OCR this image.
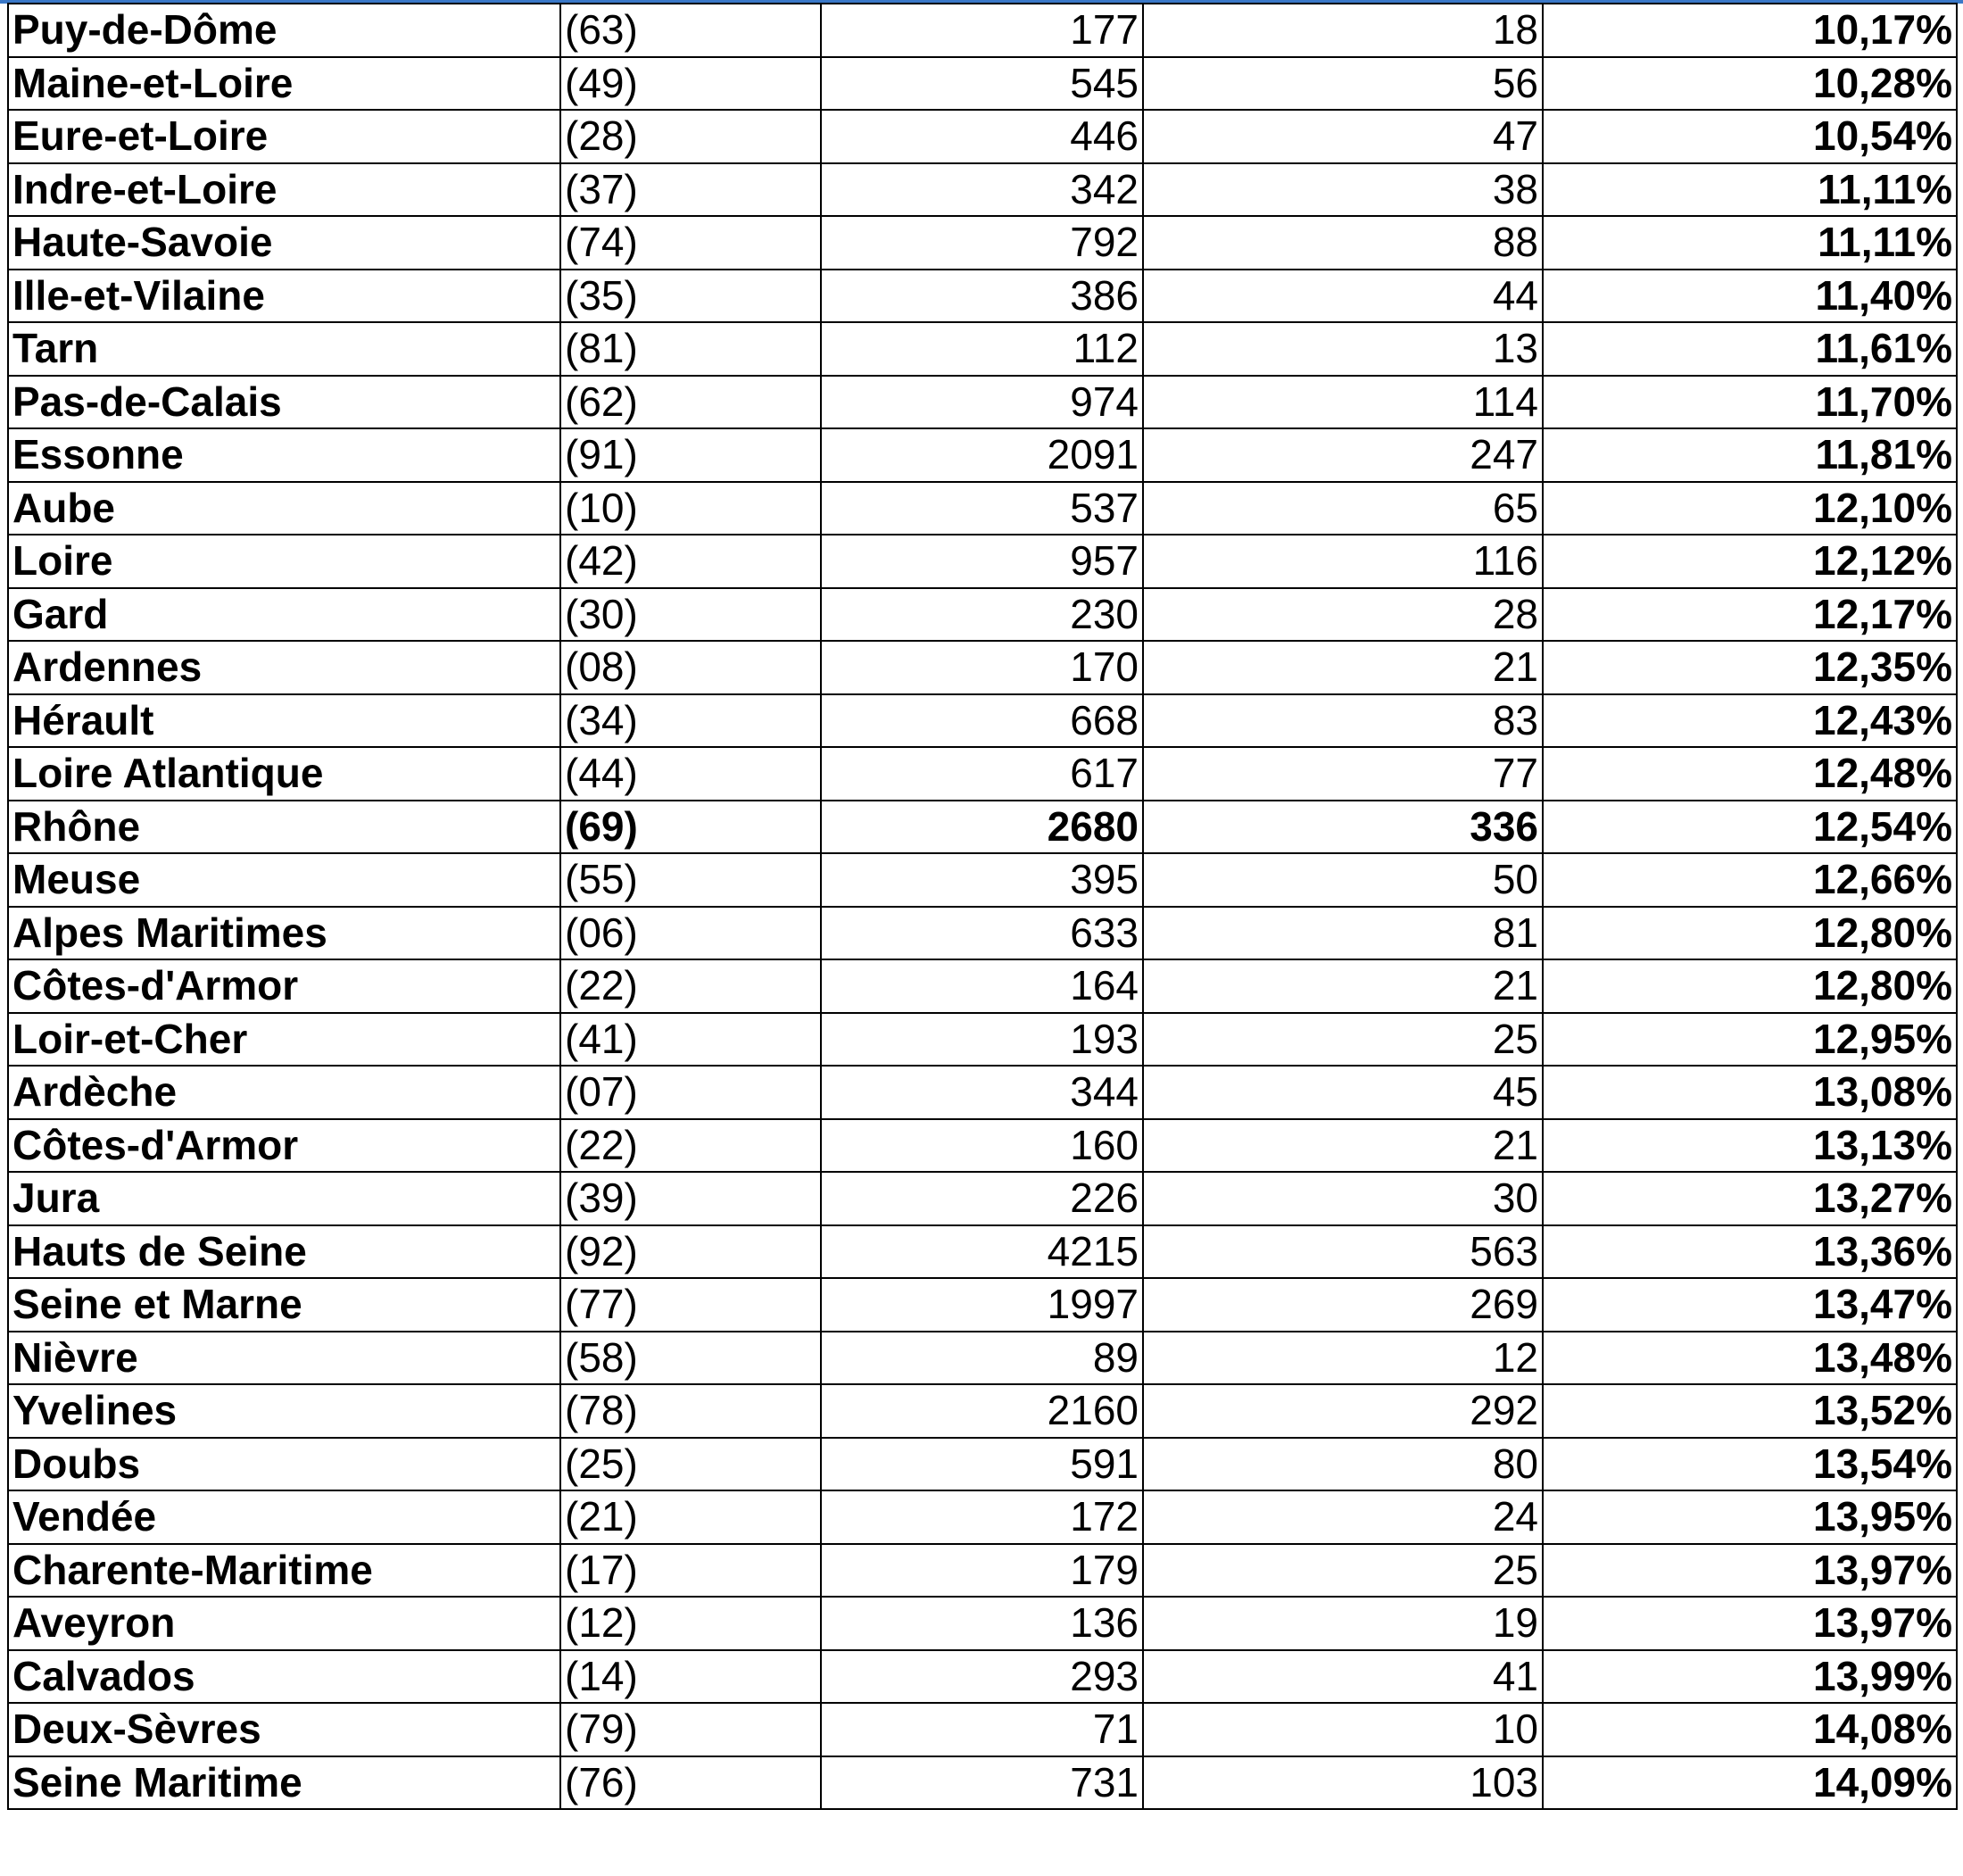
Puy-de-Dôme	(63)	177	18	10,17%
Maine-et-Loire	(49)	545	56	10,28%
Eure-et-Loire	(28)	446	47	10,54%
Indre-et-Loire	(37)	342	38	11,11%
Haute-Savoie	(74)	792	88	11,11%
Ille-et-Vilaine	(35)	386	44	11,40%
Tarn	(81)	112	13	11,61%
Pas-de-Calais	(62)	974	114	11,70%
Essonne	(91)	2091	247	11,81%
Aube	(10)	537	65	12,10%
Loire	(42)	957	116	12,12%
Gard	(30)	230	28	12,17%
Ardennes	(08)	170	21	12,35%
Hérault	(34)	668	83	12,43%
Loire Atlantique	(44)	617	77	12,48%
Rhône	(69)	2680	336	12,54%
Meuse	(55)	395	50	12,66%
Alpes Maritimes	(06)	633	81	12,80%
Côtes-d'Armor	(22)	164	21	12,80%
Loir-et-Cher	(41)	193	25	12,95%
Ardèche	(07)	344	45	13,08%
Côtes-d'Armor	(22)	160	21	13,13%
Jura	(39)	226	30	13,27%
Hauts de Seine	(92)	4215	563	13,36%
Seine et Marne	(77)	1997	269	13,47%
Nièvre	(58)	89	12	13,48%
Yvelines	(78)	2160	292	13,52%
Doubs	(25)	591	80	13,54%
Vendée	(21)	172	24	13,95%
Charente-Maritime	(17)	179	25	13,97%
Aveyron	(12)	136	19	13,97%
Calvados	(14)	293	41	13,99%
Deux-Sèvres	(79)	71	10	14,08%
Seine Maritime	(76)	731	103	14,09%
